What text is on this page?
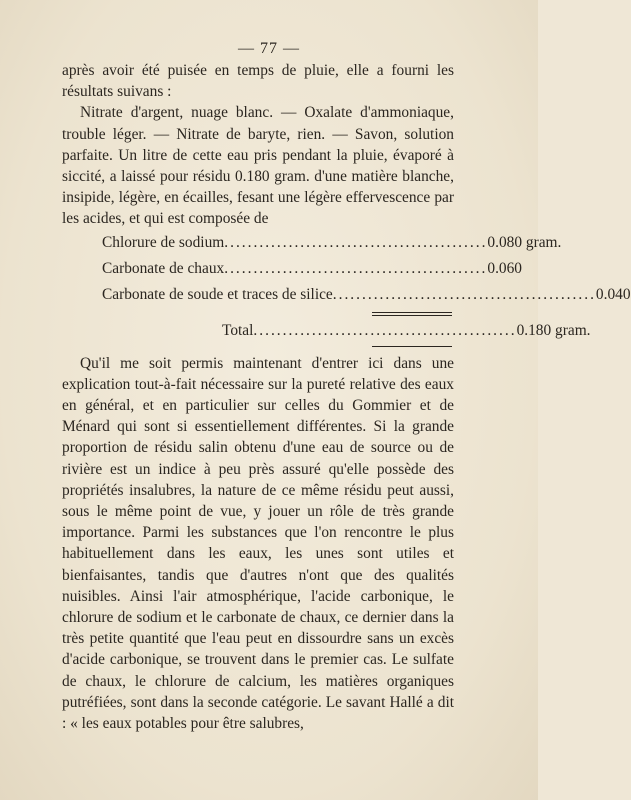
— 77 —

après avoir été puisée en temps de pluie, elle a fourni les résultats suivans :

Nitrate d'argent, nuage blanc. — Oxalate d'ammoniaque, trouble léger. — Nitrate de baryte, rien. — Savon, solution parfaite. Un litre de cette eau pris pendant la pluie, évaporé à siccité, a laissé pour résidu 0.180 gram. d'une matière blanche, insipide, légère, en écailles, fesant une légère effervescence par les acides, et qui est composée de

Chlorure de sodium ............................................. 0.080 gram.
Carbonate de chaux ............................................. 0.060
Carbonate de soude et traces de silice ............................................. 0.040
Total ............................................. 0.180 gram.

Qu'il me soit permis maintenant d'entrer ici dans une explication tout-à-fait nécessaire sur la pureté relative des eaux en général, et en particulier sur celles du Gommier et de Ménard qui sont si essentiellement différentes. Si la grande proportion de résidu salin obtenu d'une eau de source ou de rivière est un indice à peu près assuré qu'elle possède des propriétés insalubres, la nature de ce même résidu peut aussi, sous le même point de vue, y jouer un rôle de très grande importance. Parmi les substances que l'on rencontre le plus habituellement dans les eaux, les unes sont utiles et bienfaisantes, tandis que d'autres n'ont que des qualités nuisibles. Ainsi l'air atmosphérique, l'acide carbonique, le chlorure de sodium et le carbonate de chaux, ce dernier dans la très petite quantité que l'eau peut en dissourdre sans un excès d'acide carbonique, se trouvent dans le premier cas. Le sulfate de chaux, le chlorure de calcium, les matières organiques putréfiées, sont dans la seconde catégorie. Le savant Hallé a dit : « les eaux potables pour être salubres,
